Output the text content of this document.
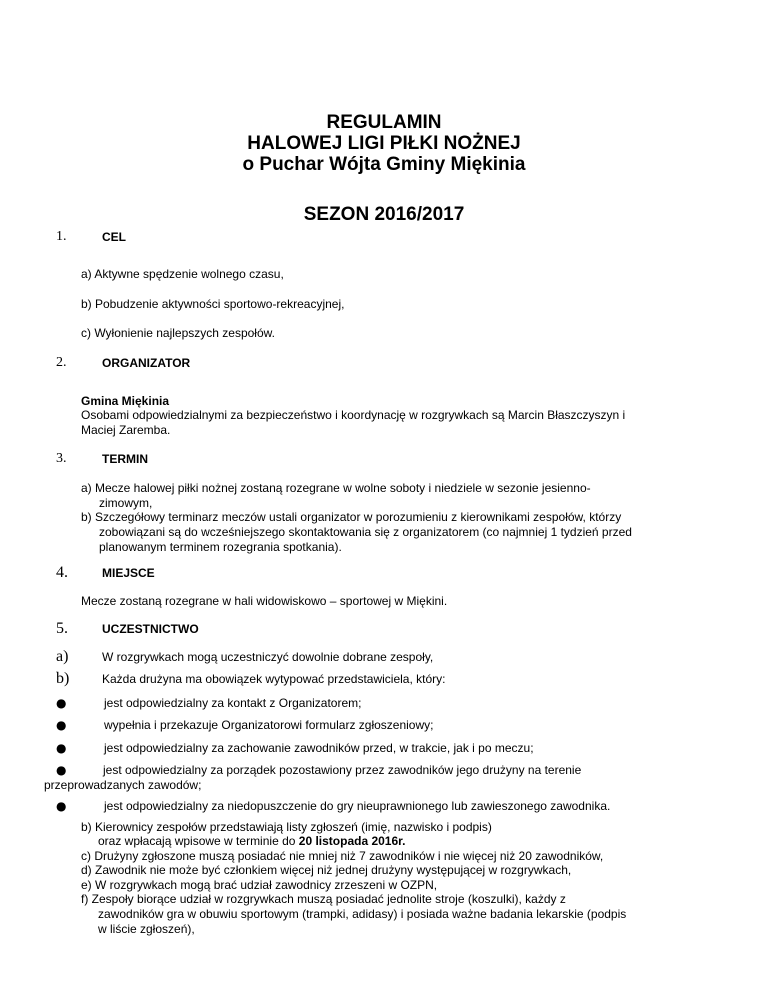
REGULAMIN
HALOWEJ LIGI PIŁKI NOŻNEJ
o Puchar Wójta Gminy Miękinia
SEZON 2016/2017
1.	CEL
a) Aktywne spędzenie wolnego czasu,
b) Pobudzenie aktywności sportowo-rekreacyjnej,
c) Wyłonienie najlepszych zespołów.
2.	ORGANIZATOR
Gmina Miękinia
Osobami odpowiedzialnymi za bezpieczeństwo i koordynację w rozgrywkach są Marcin Błaszczyszyn i
Maciej Zaremba.
3.	TERMIN
a) Mecze halowej piłki nożnej zostaną rozegrane w wolne soboty i niedziele w sezonie jesienno-
zimowym,
b) Szczegółowy terminarz meczów ustali organizator w porozumieniu z kierownikami zespołów, którzy
zobowiązani są do wcześniejszego skontaktowania się z organizatorem (co najmniej 1 tydzień przed
planowanym terminem rozegrania spotkania).
4.	MIEJSCE
Mecze zostaną rozegrane w hali widowiskowo – sportowej w Miękini.
5.	UCZESTNICTWO
a)	W rozgrywkach mogą uczestniczyć dowolnie dobrane zespoły,
b)	Każda drużyna ma obowiązek wytypować przedstawiciela, który:
●	jest odpowiedzialny za kontakt z Organizatorem;
●	wypełnia i przekazuje Organizatorowi formularz zgłoszeniowy;
●	jest odpowiedzialny za zachowanie zawodników przed, w trakcie, jak i po meczu;
●	jest odpowiedzialny za porządek pozostawiony przez zawodników jego drużyny na terenie
przeprowadzanych zawodów;
●	jest odpowiedzialny za niedopuszczenie do gry nieuprawnionego lub zawieszonego zawodnika.
b) Kierownicy zespołów przedstawiają listy zgłoszeń (imię, nazwisko i podpis)
oraz wpłacają wpisowe w terminie do 20 listopada 2016r.
c) Drużyny zgłoszone muszą posiadać nie mniej niż 7 zawodników i nie więcej niż 20 zawodników,
d) Zawodnik nie może być członkiem więcej niż jednej drużyny występującej w rozgrywkach,
e) W rozgrywkach mogą brać udział zawodnicy zrzeszeni w OZPN,
f) Zespoły biorące udział w rozgrywkach muszą posiadać jednolite stroje (koszulki), każdy z
zawodników gra w obuwiu sportowym (trampki, adidasy) i posiada ważne badania lekarskie (podpis
w liście zgłoszeń),
